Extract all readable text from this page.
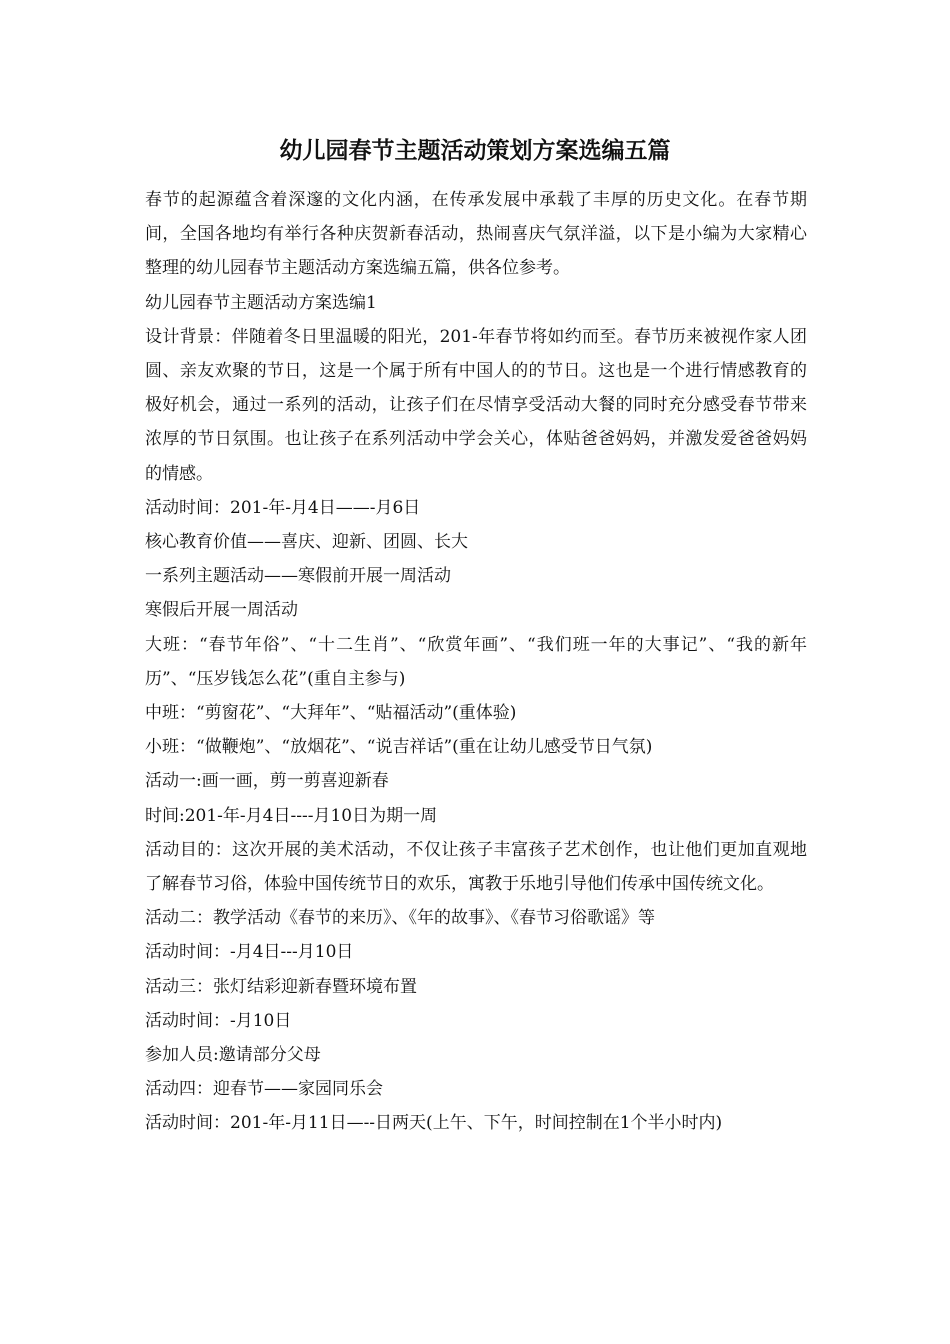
幼儿园春节主题活动策划方案选编五篇

春节的起源蕴含着深邃的文化内涵，在传承发展中承载了丰厚的历史文化。在春节期间，全国各地均有举行各种庆贺新春活动，热闹喜庆气氛洋溢，以下是小编为大家精心整理的幼儿园春节主题活动方案选编五篇，供各位参考。

幼儿园春节主题活动方案选编1

设计背景：伴随着冬日里温暖的阳光，201-年春节将如约而至。春节历来被视作家人团圆、亲友欢聚的节日，这是一个属于所有中国人的的节日。这也是一个进行情感教育的极好机会，通过一系列的活动，让孩子们在尽情享受活动大餐的同时充分感受春节带来浓厚的节日氛围。也让孩子在系列活动中学会关心，体贴爸爸妈妈，并激发爱爸爸妈妈的情感。

活动时间：201-年-月4日——-月6日

核心教育价值——喜庆、迎新、团圆、长大

一系列主题活动——寒假前开展一周活动

寒假后开展一周活动

大班：“春节年俗”、“十二生肖”、“欣赏年画”、“我们班一年的大事记”、“我的新年历”、“压岁钱怎么花”(重自主参与)

中班：“剪窗花”、“大拜年”、“贴福活动”(重体验)

小班：“做鞭炮”、“放烟花”、“说吉祥话”(重在让幼儿感受节日气氛)

活动一:画一画，剪一剪喜迎新春

时间:201-年-月4日----月10日为期一周

活动目的：这次开展的美术活动，不仅让孩子丰富孩子艺术创作，也让他们更加直观地了解春节习俗，体验中国传统节日的欢乐，寓教于乐地引导他们传承中国传统文化。

活动二：教学活动《春节的来历》、《年的故事》、《春节习俗歌谣》等

活动时间：-月4日---月10日

活动三：张灯结彩迎新春暨环境布置

活动时间：-月10日

参加人员:邀请部分父母

活动四：迎春节——家园同乐会

活动时间：201-年-月11日—--日两天(上午、下午，时间控制在1个半小时内)
